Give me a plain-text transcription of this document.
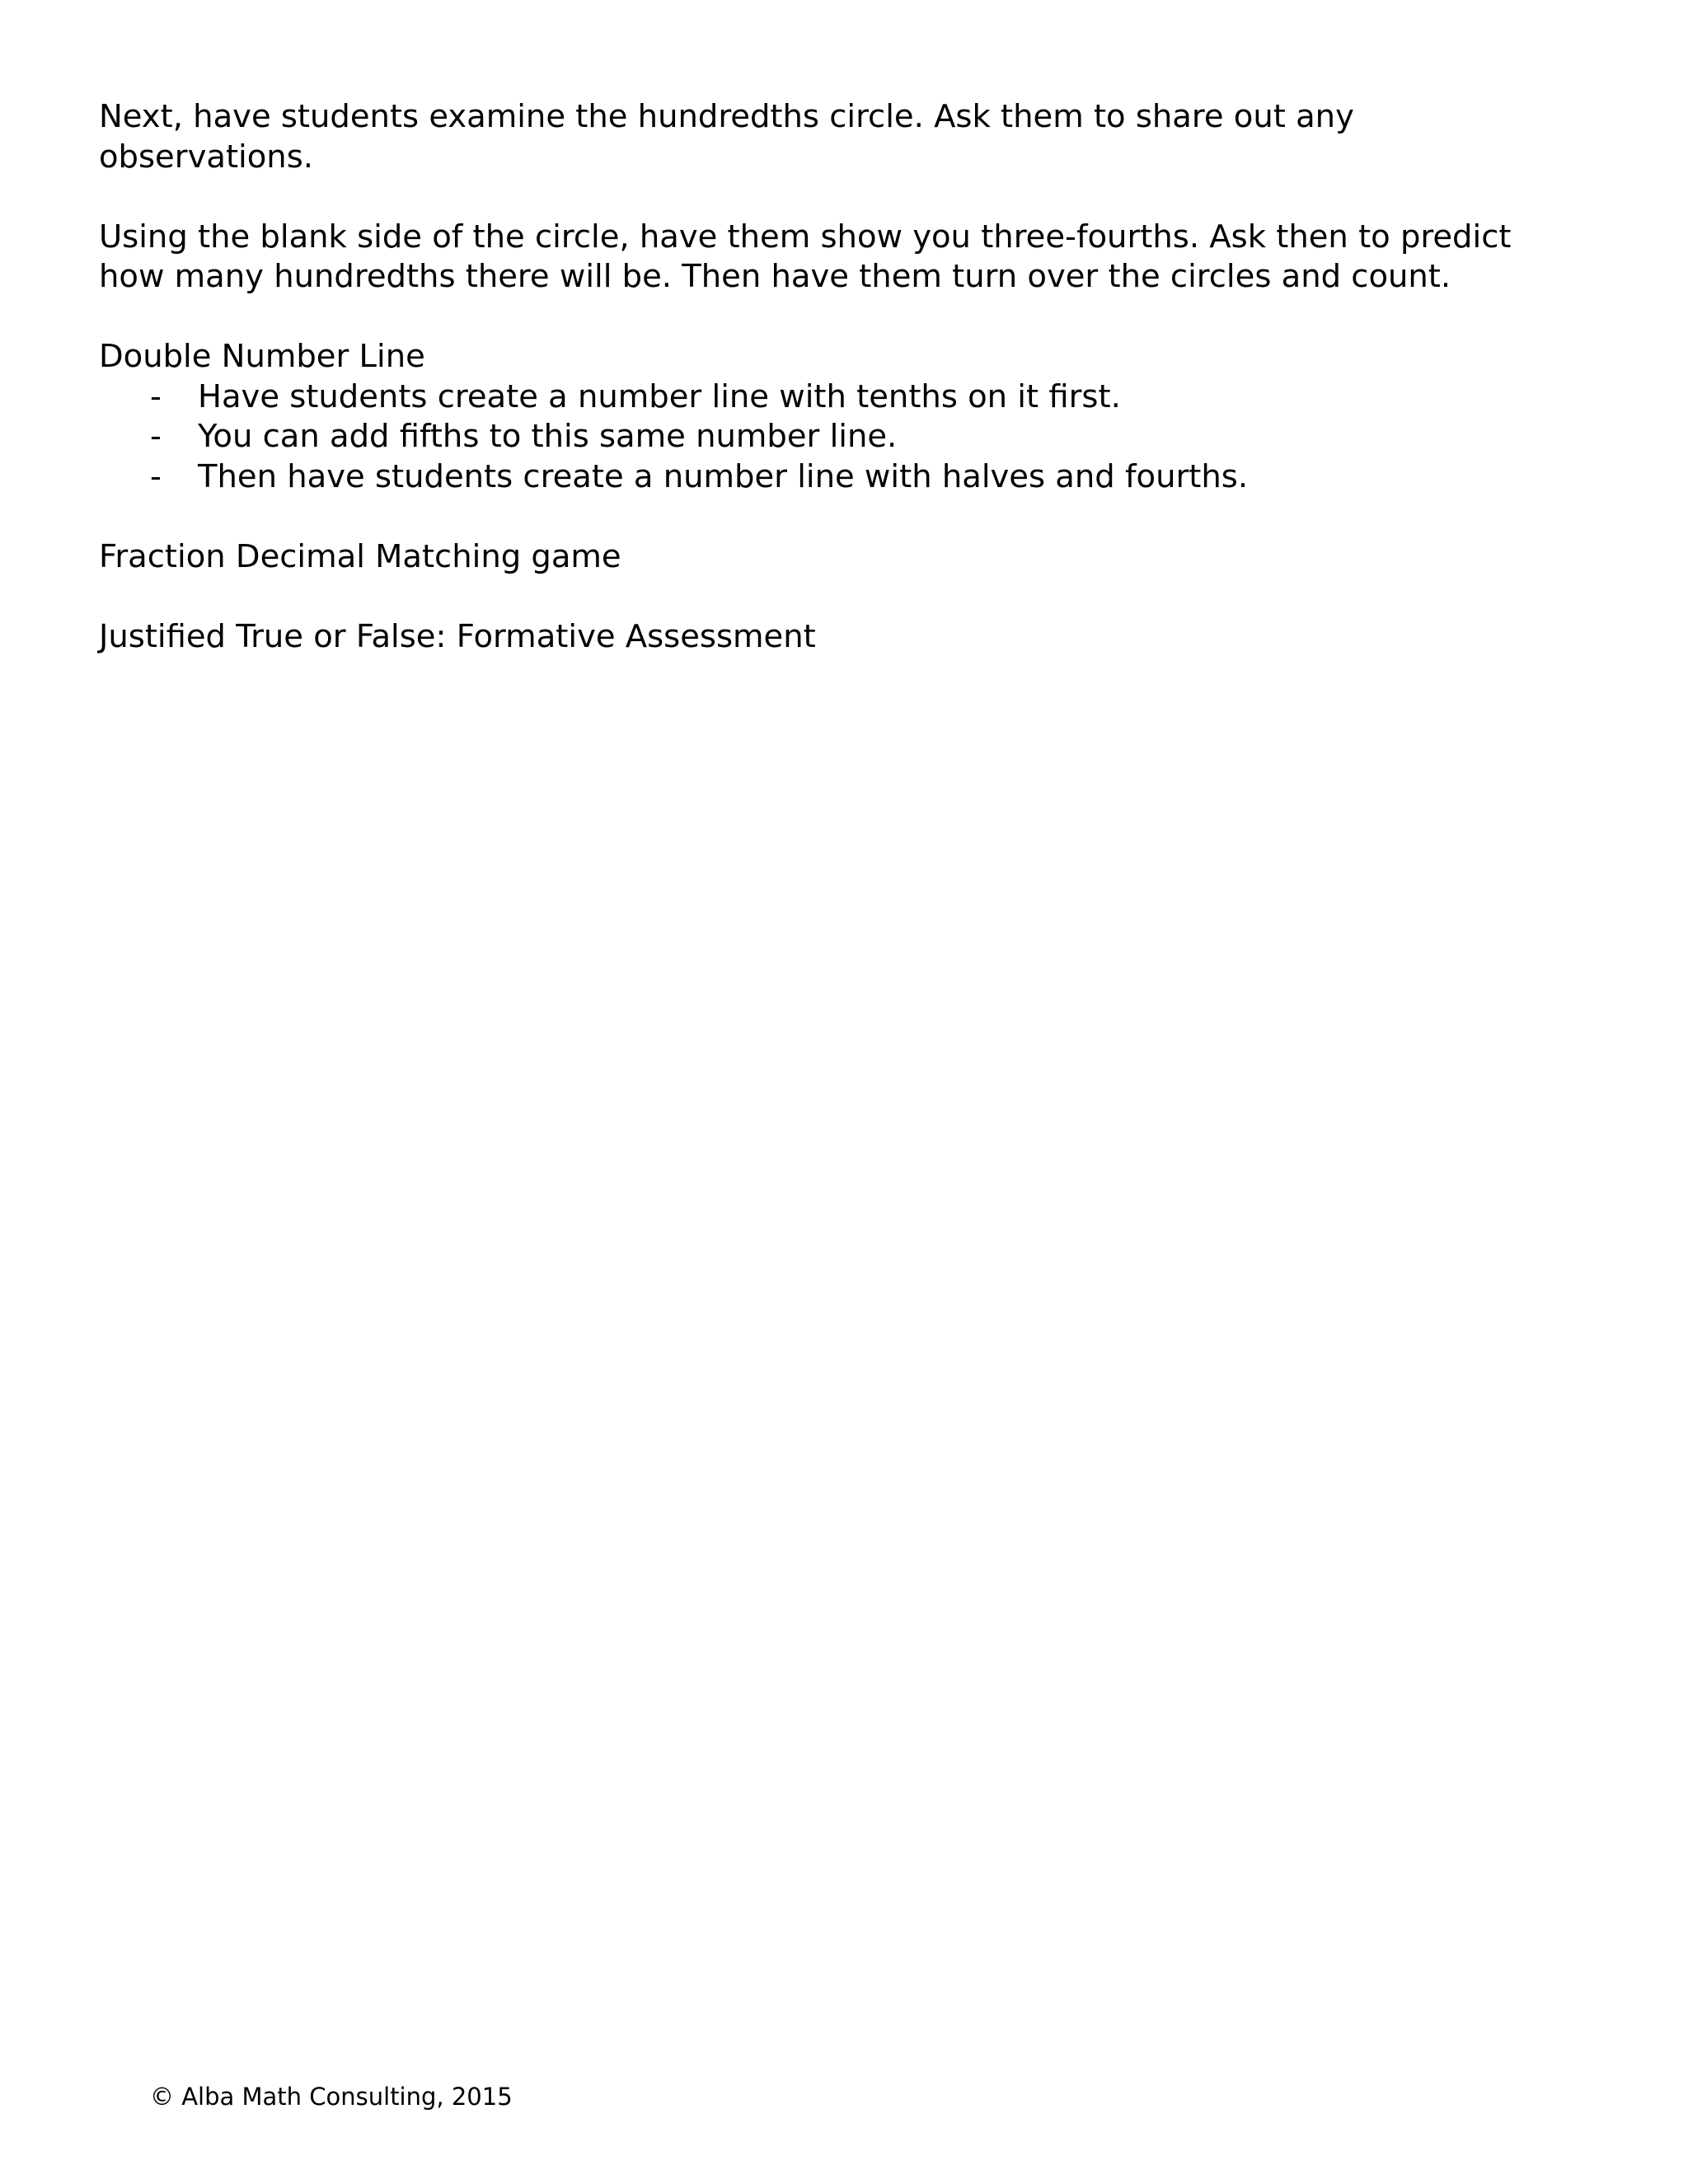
Next, have students examine the hundredths circle. Ask them to share out any
observations.

Using the blank side of the circle, have them show you three-fourths. Ask then to predict
how many hundredths there will be. Then have them turn over the circles and count.

Double Number Line

- Have students create a number line with tenths on it first.
- You can add fifths to this same number line.
- Then have students create a number line with halves and fourths.

Fraction Decimal Matching game

Justified True or False: Formative Assessment

© Alba Math Consulting, 2015
